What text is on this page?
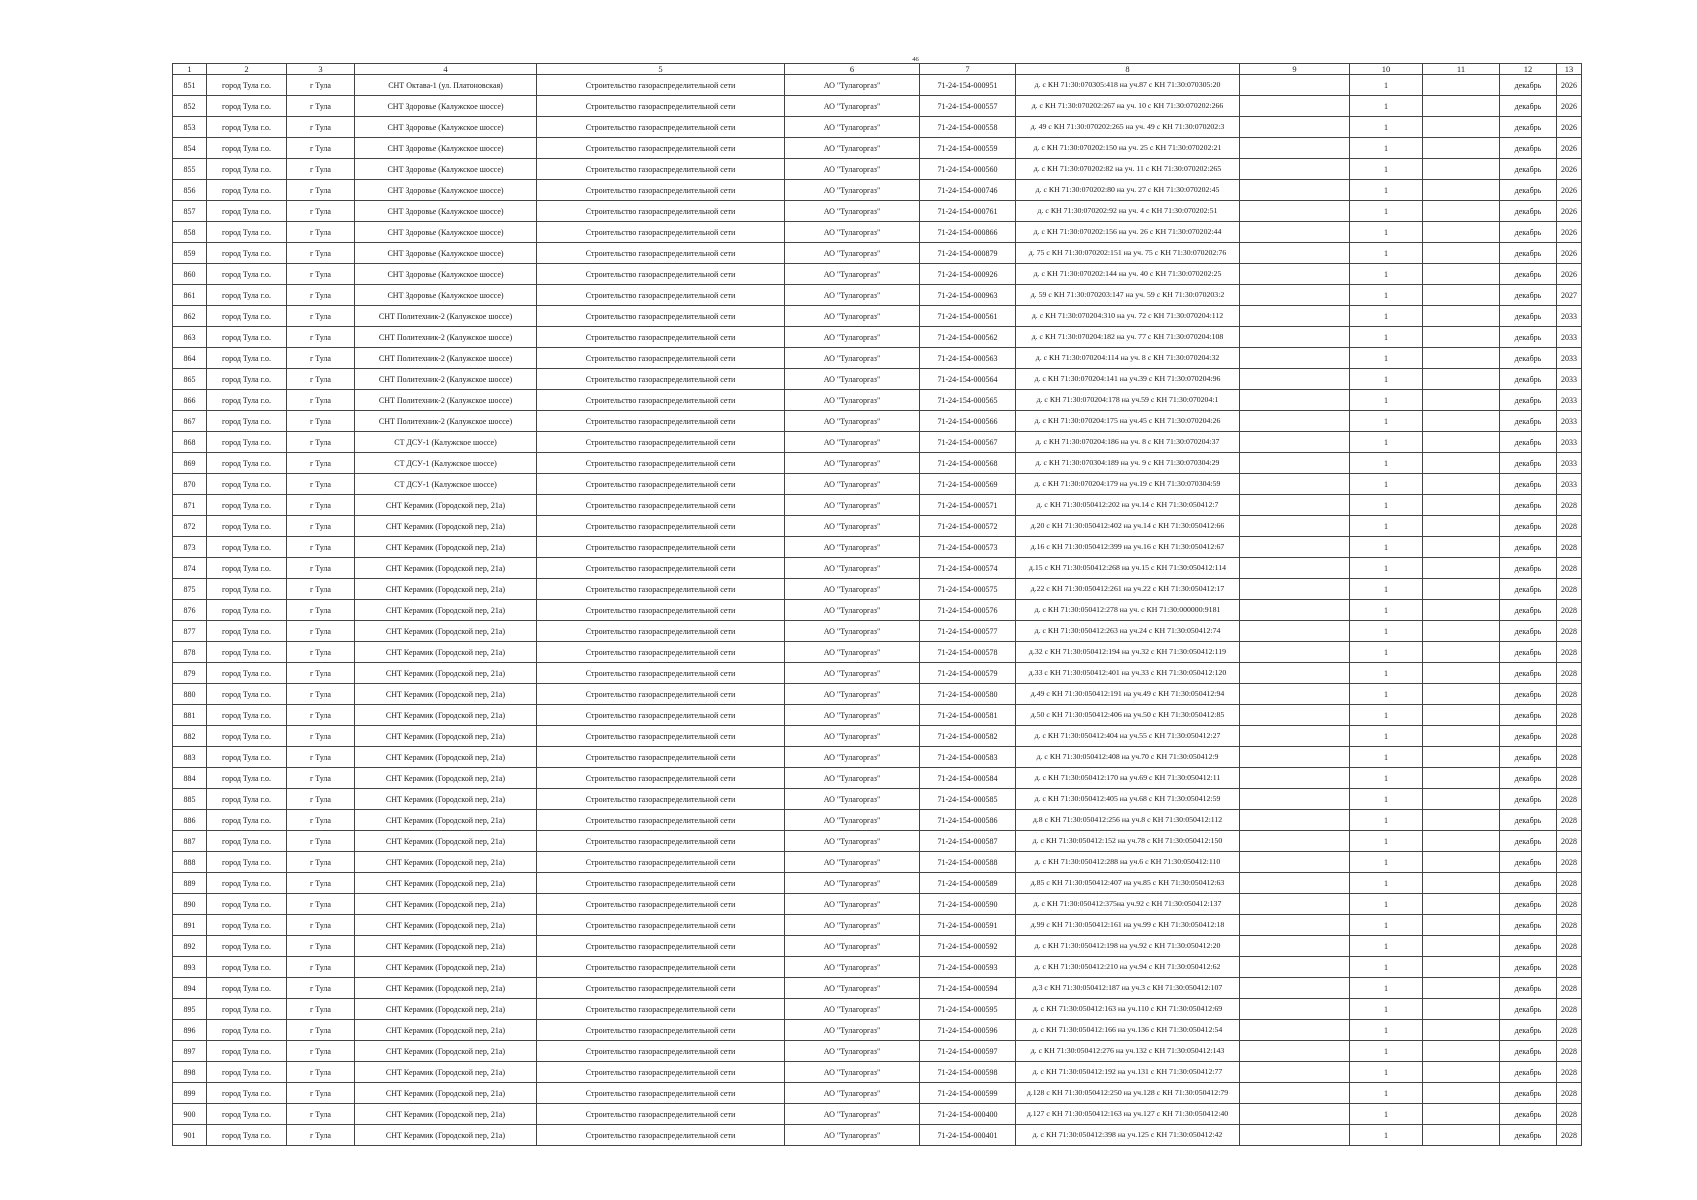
46
1	2	3	4	5	6	7	8	9	10	11	12	13
851	город Тула г.о.	г Тула	СНТ Октава-1 (ул. Платоновская)	Строительство газораспределительной сети	АО "Тулагоргаз"	71-24-154-000951	д. с КН 71:30:070305:418 на уч.87 с КН 71:30:070305:20		1		декабрь	2026
852	город Тула г.о.	г Тула	СНТ Здоровье (Калужское шоссе)	Строительство газораспределительной сети	АО "Тулагоргаз"	71-24-154-000557	д. с КН 71:30:070202:267 на уч. 10 с КН 71:30:070202:266		1		декабрь	2026
853	город Тула г.о.	г Тула	СНТ Здоровье (Калужское шоссе)	Строительство газораспределительной сети	АО "Тулагоргаз"	71-24-154-000558	д. 49 с КН 71:30:070202:265 на уч. 49 с КН 71:30:070202:3		1		декабрь	2026
854	город Тула г.о.	г Тула	СНТ Здоровье (Калужское шоссе)	Строительство газораспределительной сети	АО "Тулагоргаз"	71-24-154-000559	д. с КН 71:30:070202:150 на уч. 25 с КН 71:30:070202:21		1		декабрь	2026
855	город Тула г.о.	г Тула	СНТ Здоровье (Калужское шоссе)	Строительство газораспределительной сети	АО "Тулагоргаз"	71-24-154-000560	д. с КН 71:30:070202:82 на уч. 11 с КН 71:30:070202:265		1		декабрь	2026
856	город Тула г.о.	г Тула	СНТ Здоровье (Калужское шоссе)	Строительство газораспределительной сети	АО "Тулагоргаз"	71-24-154-000746	д. с КН 71:30:070202:80 на уч. 27 с КН 71:30:070202:45		1		декабрь	2026
857	город Тула г.о.	г Тула	СНТ Здоровье (Калужское шоссе)	Строительство газораспределительной сети	АО "Тулагоргаз"	71-24-154-000761	д. с КН 71:30:070202:92 на уч. 4 с КН 71:30:070202:51		1		декабрь	2026
858	город Тула г.о.	г Тула	СНТ Здоровье (Калужское шоссе)	Строительство газораспределительной сети	АО "Тулагоргаз"	71-24-154-000866	д. с КН 71:30:070202:156 на уч. 26 с КН 71:30:070202:44		1		декабрь	2026
859	город Тула г.о.	г Тула	СНТ Здоровье (Калужское шоссе)	Строительство газораспределительной сети	АО "Тулагоргаз"	71-24-154-000879	д. 75 с КН 71:30:070202:151 на уч. 75 с КН 71:30:070202:76		1		декабрь	2026
860	город Тула г.о.	г Тула	СНТ Здоровье (Калужское шоссе)	Строительство газораспределительной сети	АО "Тулагоргаз"	71-24-154-000926	д. с КН 71:30:070202:144 на уч. 40 с КН 71:30:070202:25		1		декабрь	2026
861	город Тула г.о.	г Тула	СНТ Здоровье (Калужское шоссе)	Строительство газораспределительной сети	АО "Тулагоргаз"	71-24-154-000963	д. 59 с КН 71:30:070203:147 на уч. 59 с КН 71:30:070203:2		1		декабрь	2027
862	город Тула г.о.	г Тула	СНТ Политехник-2 (Калужское шоссе)	Строительство газораспределительной сети	АО "Тулагоргаз"	71-24-154-000561	д. с КН 71:30:070204:310 на уч. 72 с КН 71:30:070204:112		1		декабрь	2033
863	город Тула г.о.	г Тула	СНТ Политехник-2 (Калужское шоссе)	Строительство газораспределительной сети	АО "Тулагоргаз"	71-24-154-000562	д. с КН 71:30:070204:182 на уч. 77 с КН 71:30:070204:108		1		декабрь	2033
864	город Тула г.о.	г Тула	СНТ Политехник-2 (Калужское шоссе)	Строительство газораспределительной сети	АО "Тулагоргаз"	71-24-154-000563	д. с КН 71:30:070204:114 на уч. 8 с КН 71:30:070204:32		1		декабрь	2033
865	город Тула г.о.	г Тула	СНТ Политехник-2 (Калужское шоссе)	Строительство газораспределительной сети	АО "Тулагоргаз"	71-24-154-000564	д. с КН 71:30:070204:141 на уч.39 с КН 71:30:070204:96		1		декабрь	2033
866	город Тула г.о.	г Тула	СНТ Политехник-2 (Калужское шоссе)	Строительство газораспределительной сети	АО "Тулагоргаз"	71-24-154-000565	д. с КН 71:30:070204:178 на уч.59 с КН 71:30:070204:1		1		декабрь	2033
867	город Тула г.о.	г Тула	СНТ Политехник-2 (Калужское шоссе)	Строительство газораспределительной сети	АО "Тулагоргаз"	71-24-154-000566	д. с КН 71:30:070204:175 на уч.45 с КН 71:30:070204:26		1		декабрь	2033
868	город Тула г.о.	г Тула	СТ ДСУ-1 (Калужское шоссе)	Строительство газораспределительной сети	АО "Тулагоргаз"	71-24-154-000567	д. с КН 71:30:070204:186 на уч. 8 с КН 71:30:070204:37		1		декабрь	2033
869	город Тула г.о.	г Тула	СТ ДСУ-1 (Калужское шоссе)	Строительство газораспределительной сети	АО "Тулагоргаз"	71-24-154-000568	д. с КН 71:30:070304:189 на уч. 9 с КН 71:30:070304:29		1		декабрь	2033
870	город Тула г.о.	г Тула	СТ ДСУ-1 (Калужское шоссе)	Строительство газораспределительной сети	АО "Тулагоргаз"	71-24-154-000569	д. с КН 71:30:070204:179 на уч.19 с КН 71:30:070304:59		1		декабрь	2033
871	город Тула г.о.	г Тула	СНТ Керамик (Городской пер, 21а)	Строительство газораспределительной сети	АО "Тулагоргаз"	71-24-154-000571	д. с КН 71:30:050412:202 на уч.14 с КН 71:30:050412:7		1		декабрь	2028
872	город Тула г.о.	г Тула	СНТ Керамик (Городской пер, 21а)	Строительство газораспределительной сети	АО "Тулагоргаз"	71-24-154-000572	д.20 с КН 71:30:050412:402 на уч.14 с КН 71:30:050412:66		1		декабрь	2028
873	город Тула г.о.	г Тула	СНТ Керамик (Городской пер, 21а)	Строительство газораспределительной сети	АО "Тулагоргаз"	71-24-154-000573	д.16 с КН 71:30:050412:399 на уч.16 с КН 71:30:050412:67		1		декабрь	2028
874	город Тула г.о.	г Тула	СНТ Керамик (Городской пер, 21а)	Строительство газораспределительной сети	АО "Тулагоргаз"	71-24-154-000574	д.15 с КН 71:30:050412:268 на уч.15 с КН 71:30:050412:114		1		декабрь	2028
875	город Тула г.о.	г Тула	СНТ Керамик (Городской пер, 21а)	Строительство газораспределительной сети	АО "Тулагоргаз"	71-24-154-000575	д.22 с КН 71:30:050412:261 на уч.22 с КН 71:30:050412:17		1		декабрь	2028
876	город Тула г.о.	г Тула	СНТ Керамик (Городской пер, 21а)	Строительство газораспределительной сети	АО "Тулагоргаз"	71-24-154-000576	д. с КН 71:30:050412:278 на уч. с КН 71:30:000000:9181		1		декабрь	2028
877	город Тула г.о.	г Тула	СНТ Керамик (Городской пер, 21а)	Строительство газораспределительной сети	АО "Тулагоргаз"	71-24-154-000577	д. с КН 71:30:050412:263 на уч.24 с КН 71:30:050412:74		1		декабрь	2028
878	город Тула г.о.	г Тула	СНТ Керамик (Городской пер, 21а)	Строительство газораспределительной сети	АО "Тулагоргаз"	71-24-154-000578	д.32 с КН 71:30:050412:194 на уч.32 с КН 71:30:050412:119		1		декабрь	2028
879	город Тула г.о.	г Тула	СНТ Керамик (Городской пер, 21а)	Строительство газораспределительной сети	АО "Тулагоргаз"	71-24-154-000579	д.33 с КН 71:30:050412:401 на уч.33 с КН 71:30:050412:120		1		декабрь	2028
880	город Тула г.о.	г Тула	СНТ Керамик (Городской пер, 21а)	Строительство газораспределительной сети	АО "Тулагоргаз"	71-24-154-000580	д.49 с КН 71:30:050412:191 на уч.49 с КН 71:30:050412:94		1		декабрь	2028
881	город Тула г.о.	г Тула	СНТ Керамик (Городской пер, 21а)	Строительство газораспределительной сети	АО "Тулагоргаз"	71-24-154-000581	д.50 с КН 71:30:050412:406 на уч.50 с КН 71:30:050412:85		1		декабрь	2028
882	город Тула г.о.	г Тула	СНТ Керамик (Городской пер, 21а)	Строительство газораспределительной сети	АО "Тулагоргаз"	71-24-154-000582	д. с КН 71:30:050412:404 на уч.55 с КН 71:30:050412:27		1		декабрь	2028
883	город Тула г.о.	г Тула	СНТ Керамик (Городской пер, 21а)	Строительство газораспределительной сети	АО "Тулагоргаз"	71-24-154-000583	д. с КН 71:30:050412:408 на уч.70 с КН 71:30:050412:9		1		декабрь	2028
884	город Тула г.о.	г Тула	СНТ Керамик (Городской пер, 21а)	Строительство газораспределительной сети	АО "Тулагоргаз"	71-24-154-000584	д. с КН 71:30:050412:170 на уч.69 с КН 71:30:050412:11		1		декабрь	2028
885	город Тула г.о.	г Тула	СНТ Керамик (Городской пер, 21а)	Строительство газораспределительной сети	АО "Тулагоргаз"	71-24-154-000585	д. с КН 71:30:050412:405 на уч.68 с КН 71:30:050412:59		1		декабрь	2028
886	город Тула г.о.	г Тула	СНТ Керамик (Городской пер, 21а)	Строительство газораспределительной сети	АО "Тулагоргаз"	71-24-154-000586	д.8 с КН 71:30:050412:256 на уч.8 с КН 71:30:050412:112		1		декабрь	2028
887	город Тула г.о.	г Тула	СНТ Керамик (Городской пер, 21а)	Строительство газораспределительной сети	АО "Тулагоргаз"	71-24-154-000587	д. с КН 71:30:050412:152 на уч.78 с КН 71:30:050412:150		1		декабрь	2028
888	город Тула г.о.	г Тула	СНТ Керамик (Городской пер, 21а)	Строительство газораспределительной сети	АО "Тулагоргаз"	71-24-154-000588	д. с КН 71:30:050412:288 на уч.6 с КН 71:30:050412:110		1		декабрь	2028
889	город Тула г.о.	г Тула	СНТ Керамик (Городской пер, 21а)	Строительство газораспределительной сети	АО "Тулагоргаз"	71-24-154-000589	д.85 с КН 71:30:050412:407 на уч.85 с КН 71:30:050412:63		1		декабрь	2028
890	город Тула г.о.	г Тула	СНТ Керамик (Городской пер, 21а)	Строительство газораспределительной сети	АО "Тулагоргаз"	71-24-154-000590	д. с КН 71:30:050412:375на уч.92 с КН 71:30:050412:137		1		декабрь	2028
891	город Тула г.о.	г Тула	СНТ Керамик (Городской пер, 21а)	Строительство газораспределительной сети	АО "Тулагоргаз"	71-24-154-000591	д.99 с КН 71:30:050412:161 на уч.99 с КН 71:30:050412:18		1		декабрь	2028
892	город Тула г.о.	г Тула	СНТ Керамик (Городской пер, 21а)	Строительство газораспределительной сети	АО "Тулагоргаз"	71-24-154-000592	д. с КН 71:30:050412:198 на уч.92 с КН 71:30:050412:20		1		декабрь	2028
893	город Тула г.о.	г Тула	СНТ Керамик (Городской пер, 21а)	Строительство газораспределительной сети	АО "Тулагоргаз"	71-24-154-000593	д. с КН 71:30:050412:210 на уч.94 с КН 71:30:050412:62		1		декабрь	2028
894	город Тула г.о.	г Тула	СНТ Керамик (Городской пер, 21а)	Строительство газораспределительной сети	АО "Тулагоргаз"	71-24-154-000594	д.3 с КН 71:30:050412:187 на уч.3 с КН 71:30:050412:107		1		декабрь	2028
895	город Тула г.о.	г Тула	СНТ Керамик (Городской пер, 21а)	Строительство газораспределительной сети	АО "Тулагоргаз"	71-24-154-000595	д. с КН 71:30:050412:163 на уч.110 с КН 71:30:050412:69		1		декабрь	2028
896	город Тула г.о.	г Тула	СНТ Керамик (Городской пер, 21а)	Строительство газораспределительной сети	АО "Тулагоргаз"	71-24-154-000596	д. с КН 71:30:050412:166 на уч.136 с КН 71:30:050412:54		1		декабрь	2028
897	город Тула г.о.	г Тула	СНТ Керамик (Городской пер, 21а)	Строительство газораспределительной сети	АО "Тулагоргаз"	71-24-154-000597	д. с КН 71:30:050412:276 на уч.132 с КН 71:30:050412:143		1		декабрь	2028
898	город Тула г.о.	г Тула	СНТ Керамик (Городской пер, 21а)	Строительство газораспределительной сети	АО "Тулагоргаз"	71-24-154-000598	д. с КН 71:30:050412:192 на уч.131 с КН 71:30:050412:77		1		декабрь	2028
899	город Тула г.о.	г Тула	СНТ Керамик (Городской пер, 21а)	Строительство газораспределительной сети	АО "Тулагоргаз"	71-24-154-000599	д.128 с КН 71:30:050412:250 на уч.128 с КН 71:30:050412:79		1		декабрь	2028
900	город Тула г.о.	г Тула	СНТ Керамик (Городской пер, 21а)	Строительство газораспределительной сети	АО "Тулагоргаз"	71-24-154-000400	д.127 с КН 71:30:050412:163 на уч.127 с КН 71:30:050412:40		1		декабрь	2028
901	город Тула г.о.	г Тула	СНТ Керамик (Городской пер, 21а)	Строительство газораспределительной сети	АО "Тулагоргаз"	71-24-154-000401	д. с КН 71:30:050412:398 на уч.125 с КН 71:30:050412:42		1		декабрь	2028
